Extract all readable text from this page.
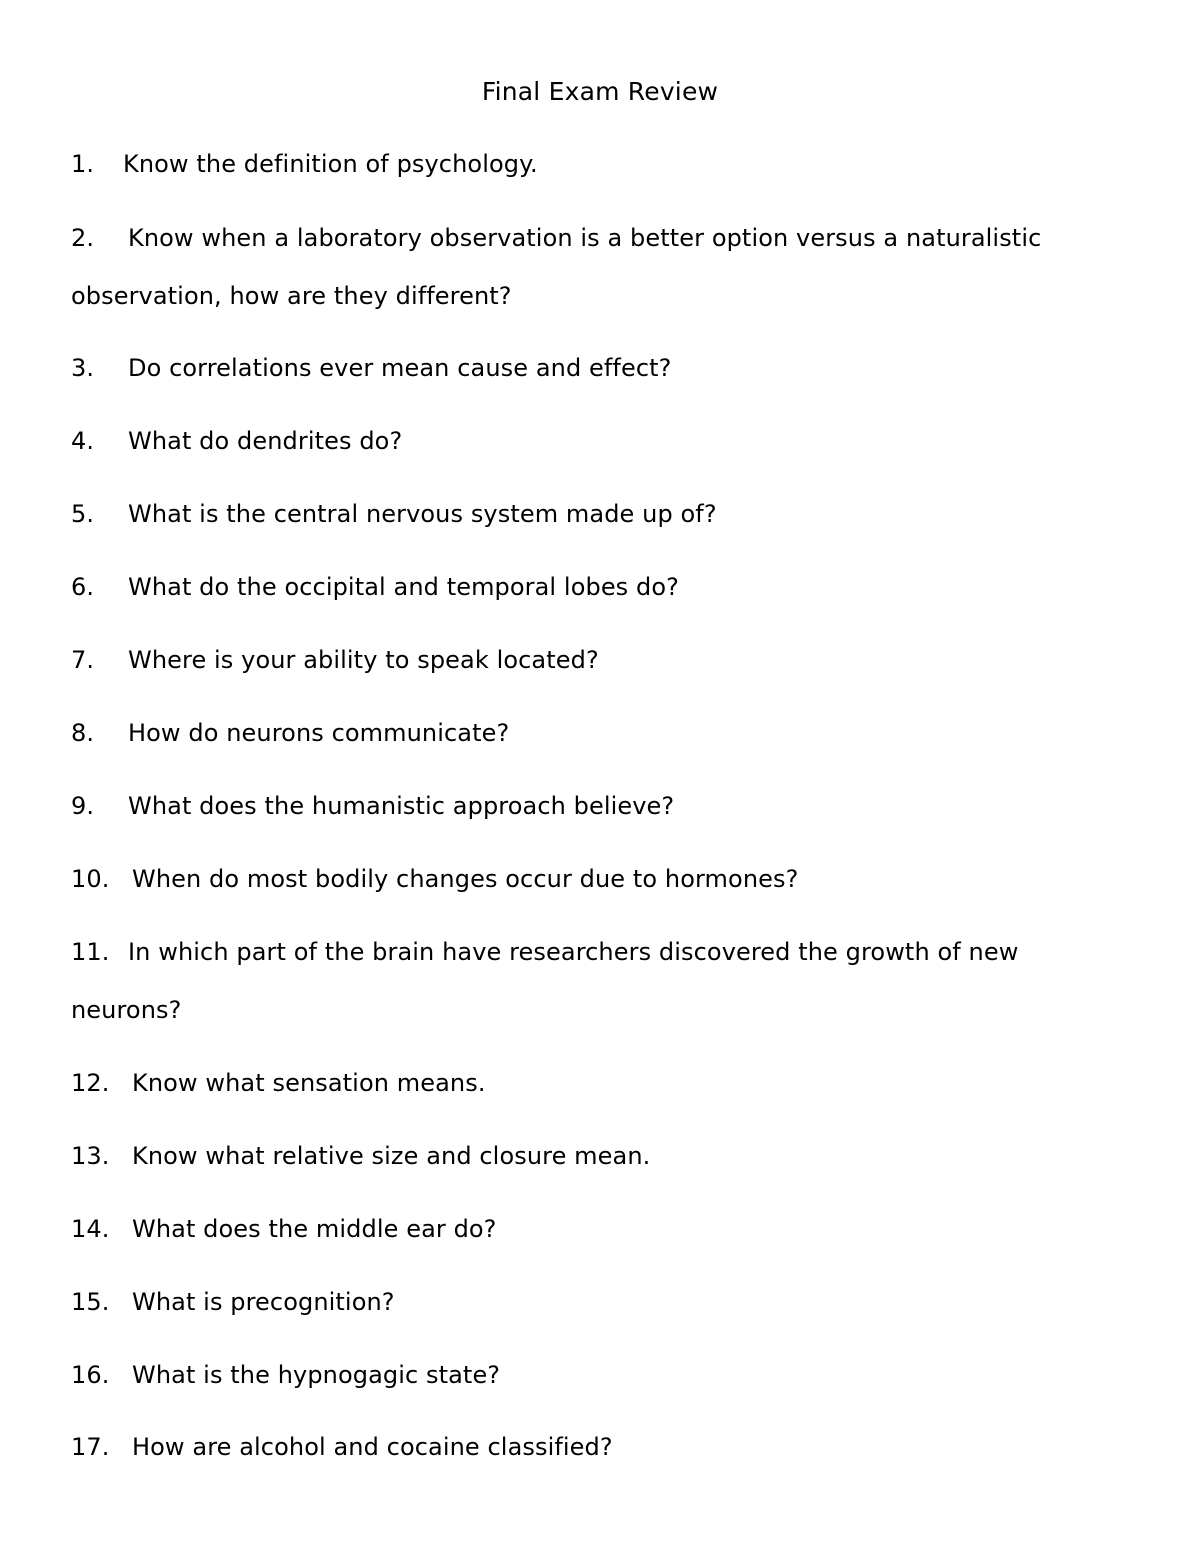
Final Exam Review
1. Know the definition of psychology.
2. Know when a laboratory observation is a better option versus a naturalistic
observation, how are they different?
3. Do correlations ever mean cause and effect?
4. What do dendrites do?
5. What is the central nervous system made up of?
6. What do the occipital and temporal lobes do?
7. Where is your ability to speak located?
8. How do neurons communicate?
9. What does the humanistic approach believe?
10. When do most bodily changes occur due to hormones?
11. In which part of the brain have researchers discovered the growth of new
neurons?
12. Know what sensation means.
13. Know what relative size and closure mean.
14. What does the middle ear do?
15. What is precognition?
16. What is the hypnogagic state?
17. How are alcohol and cocaine classified?
